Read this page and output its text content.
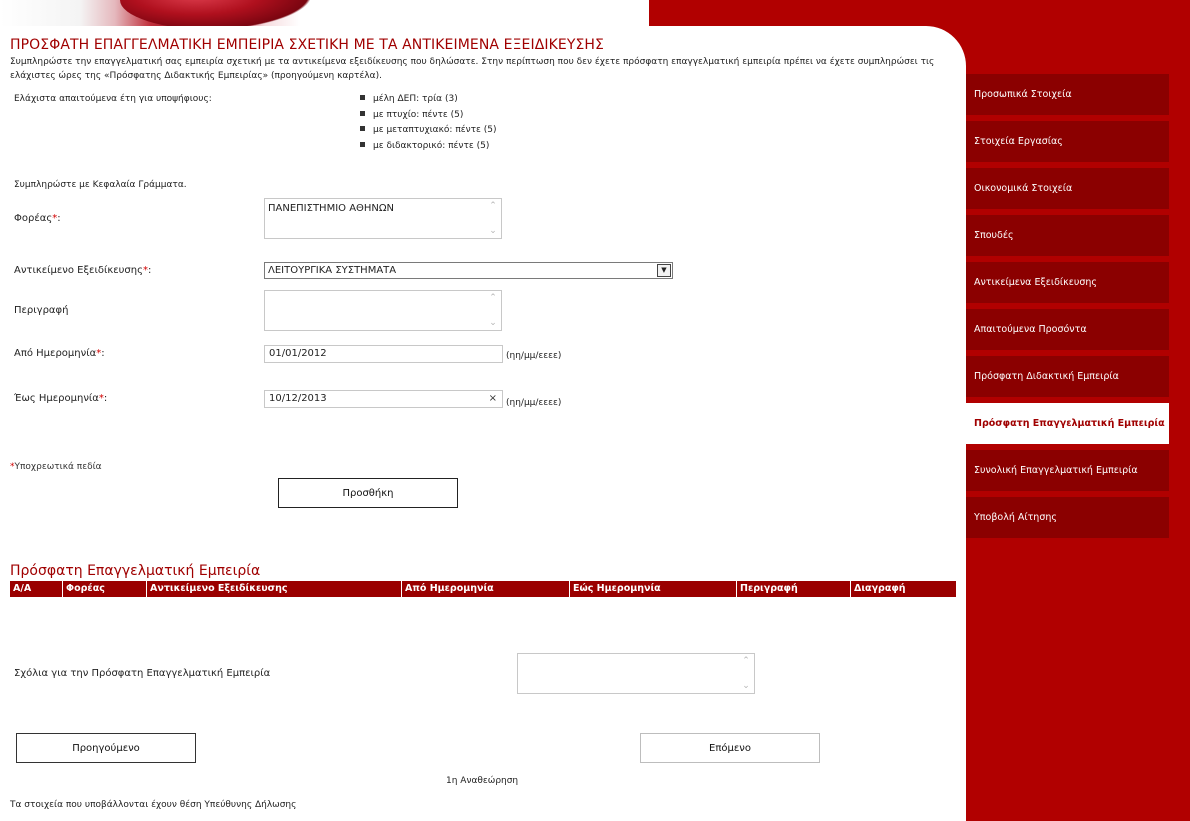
ΠΡΟΣΦΑΤΗ ΕΠΑΓΓΕΛΜΑΤΙΚΗ ΕΜΠΕΙΡΙΑ ΣΧΕΤΙΚΗ ΜΕ ΤΑ ΑΝΤΙΚΕΙΜΕΝΑ ΕΞΕΙΔΙΚΕΥΣΗΣ
Συμπληρώστε την επαγγελματική σας εμπειρία σχετική με τα αντικείμενα εξειδίκευσης που δηλώσατε. Στην περίπτωση που δεν έχετε πρόσφατη επαγγελματική εμπειρία πρέπει να έχετε συμπληρώσει τις ελάχιστες ώρες της «Πρόσφατης Διδακτικής Εμπειρίας» (προηγούμενη καρτέλα).
Ελάχιστα απαιτούμενα έτη για υποψήφιους:	μέλη ΔΕΠ: τρία (3)
με πτυχίο: πέντε (5)
με μεταπτυχιακό: πέντε (5)
με διδακτορικό: πέντε (5)
Συμπληρώστε με Κεφαλαία Γράμματα.
Φορέας*:
ΠΑΝΕΠΙΣΤΗΜΙΟ ΑΘΗΝΩΝ	⌃
⌄
Αντικείμενο Εξειδίκευσης*:	ΛΕΙΤΟΥΡΓΙΚΑ ΣΥΣΤΗΜΑΤΑ	▼
Περιγραφή
⌃
⌄
Από Ημερομηνία*:	01/01/2012	(ηη/μμ/εεεε)
Έως Ημερομηνία*:	10/12/2013	× (ηη/μμ/εεεε)
*Υποχρεωτικά πεδία
Προσθήκη
Πρόσφατη Επαγγελματική Εμπειρία
Α/Α	Φορέας	Αντικείμενο Εξειδίκευσης	Από Ημερομηνία	Εώς Ημερομηνία	Περιγραφή	Διαγραφή
Σχόλια για την Πρόσφατη Επαγγελματική Εμπειρία
⌃
⌄
Προηγούμενο	Επόμενο
1η Αναθεώρηση
Τα στοιχεία που υποβάλλονται έχουν θέση Υπεύθυνης Δήλωσης
Προσωπικά Στοιχεία
Στοιχεία Εργασίας
Οικονομικά Στοιχεία
Σπουδές
Αντικείμενα Εξειδίκευσης
Απαιτούμενα Προσόντα
Πρόσφατη Διδακτική Εμπειρία
Πρόσφατη Επαγγελματική Εμπειρία
Συνολική Επαγγελματική Εμπειρία
Υποβολή Αίτησης
